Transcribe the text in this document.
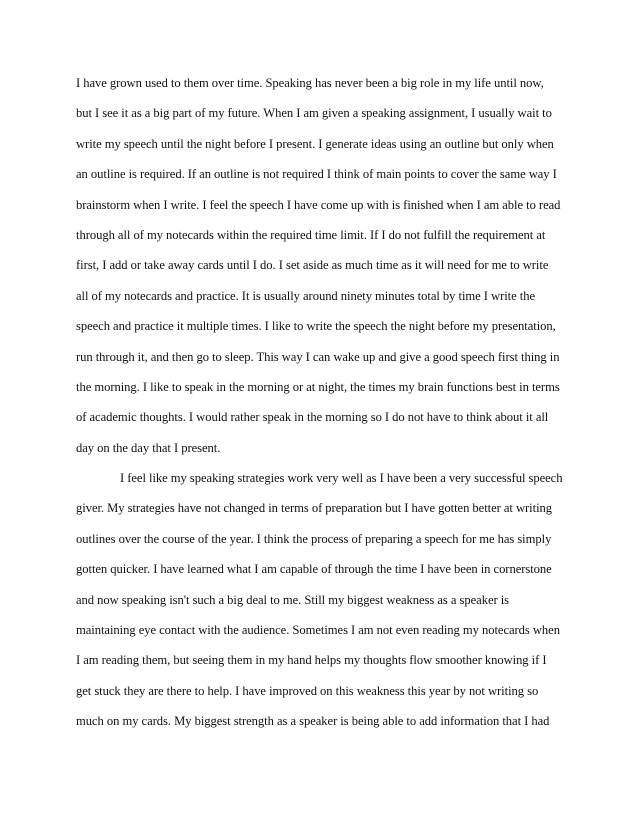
I have grown used to them over time. Speaking has never been a big role in my life until now,
but I see it as a big part of my future. When I am given a speaking assignment, I usually wait to
write my speech until the night before I present. I generate ideas using an outline but only when
an outline is required. If an outline is not required I think of main points to cover the same way I
brainstorm when I write. I feel the speech I have come up with is finished when I am able to read
through all of my notecards within the required time limit. If I do not fulfill the requirement at
first, I add or take away cards until I do. I set aside as much time as it will need for me to write
all of my notecards and practice. It is usually around ninety minutes total by time I write the
speech and practice it multiple times. I like to write the speech the night before my presentation,
run through it, and then go to sleep. This way I can wake up and give a good speech first thing in
the morning. I like to speak in the morning or at night, the times my brain functions best in terms
of academic thoughts. I would rather speak in the morning so I do not have to think about it all
day on the day that I present.
I feel like my speaking strategies work very well as I have been a very successful speech
giver. My strategies have not changed in terms of preparation but I have gotten better at writing
outlines over the course of the year. I think the process of preparing a speech for me has simply
gotten quicker. I have learned what I am capable of through the time I have been in cornerstone
and now speaking isn't such a big deal to me. Still my biggest weakness as a speaker is
maintaining eye contact with the audience. Sometimes I am not even reading my notecards when
I am reading them, but seeing them in my hand helps my thoughts flow smoother knowing if I
get stuck they are there to help. I have improved on this weakness this year by not writing so
much on my cards. My biggest strength as a speaker is being able to add information that I had
